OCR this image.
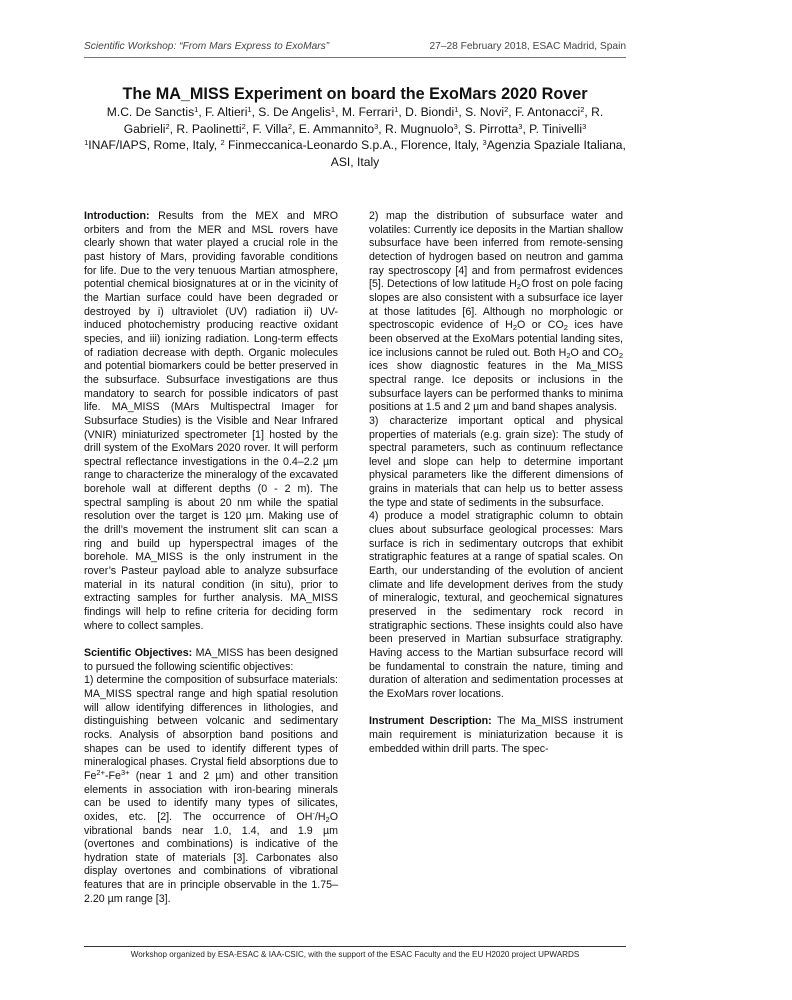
Scientific Workshop: “From Mars Express to ExoMars”	27–28 February 2018, ESAC Madrid, Spain
The MA_MISS Experiment on board the ExoMars 2020 Rover

M.C. De Sanctis$^1$, F. Altieri$^1$, S. De Angelis$^1$, M. Ferrari$^1$, D. Biondi$^1$, S. Novi$^2$, F. Antonacci$^2$, R. Gabrieli$^2$, R. Paolinetti$^2$, F. Villa$^2$, E. Ammannito$^3$, R. Mugnuolo$^3$, S. Pirrotta$^3$, P. Tinivelli$^3$

$^1$INAF/IAPS, Rome, Italy, $^2$ Finmeccanica-Leonardo S.p.A., Florence, Italy, $^3$Agenzia Spaziale Italiana, ASI, Italy

Introduction: Results from the MEX and MRO orbiters and from the MER and MSL rovers have clearly shown that water played a crucial role in the past history of Mars, providing favorable conditions for life. Due to the very tenuous Martian atmosphere, potential chemical biosignatures at or in the vicinity of the Martian surface could have been degraded or destroyed by i) ultraviolet (UV) radiation ii) UV-induced photochemistry producing reactive oxidant species, and iii) ionizing radiation. Long-term effects of radiation decrease with depth. Organic molecules and potential biomarkers could be better preserved in the subsurface. Subsurface investigations are thus mandatory to search for possible indicators of past life. MA_MISS (MArs Multispectral Imager for Subsurface Studies) is the Visible and Near Infrared (VNIR) miniaturized spectrometer [1] hosted by the drill system of the ExoMars 2020 rover. It will perform spectral reflectance investigations in the 0.4–2.2 µm range to characterize the mineralogy of the excavated borehole wall at different depths (0 - 2 m). The spectral sampling is about 20 nm while the spatial resolution over the target is 120 µm. Making use of the drill’s movement the instrument slit can scan a ring and build up hyperspectral images of the borehole. MA_MISS is the only instrument in the rover’s Pasteur payload able to analyze subsurface material in its natural condition (in situ), prior to extracting samples for further analysis. MA_MISS findings will help to refine criteria for deciding form where to collect samples.

Scientific Objectives: MA_MISS has been designed to pursued the following scientific objectives:

1) determine the composition of subsurface materials: MA_MISS spectral range and high spatial resolution will allow identifying differences in lithologies, and distinguishing between volcanic and sedimentary rocks. Analysis of absorption band positions and shapes can be used to identify different types of mineralogical phases. Crystal field absorptions due to $Fe^{2+}-Fe^{3+}$ (near 1 and 2 µm) and other transition elements in association with iron-bearing minerals can be used to identify many types of silicates, oxides, etc. [2]. The occurrence of $OH^-/H_2O$ vibrational bands near 1.0, 1.4, and 1.9 µm (overtones and combinations) is indicative of the hydration state of materials [3]. Carbonates also display overtones and combinations of vibrational features that are in principle observable in the 1.75–2.20 µm range [3].

2) map the distribution of subsurface water and volatiles: Currently ice deposits in the Martian shallow subsurface have been inferred from remote-sensing detection of hydrogen based on neutron and gamma ray spectroscopy [4] and from permafrost evidences [5]. Detections of low latitude $H_2O$ frost on pole facing slopes are also consistent with a subsurface ice layer at those latitudes [6]. Although no morphologic or spectroscopic evidence of $H_2O$ or $CO_2$ ices have been observed at the ExoMars potential landing sites, ice inclusions cannot be ruled out. Both $H_2O$ and $CO_2$ ices show diagnostic features in the Ma_MISS spectral range. Ice deposits or inclusions in the subsurface layers can be performed thanks to minima positions at 1.5 and 2 µm and band shapes analysis.

3) characterize important optical and physical properties of materials (e.g. grain size): The study of spectral parameters, such as continuum reflectance level and slope can help to determine important physical parameters like the different dimensions of grains in materials that can help us to better assess the type and state of sediments in the subsurface.

4) produce a model stratigraphic column to obtain clues about subsurface geological processes: Mars surface is rich in sedimentary outcrops that exhibit stratigraphic features at a range of spatial scales. On Earth, our understanding of the evolution of ancient climate and life development derives from the study of mineralogic, textural, and geochemical signatures preserved in the sedimentary rock record in stratigraphic sections. These insights could also have been preserved in Martian subsurface stratigraphy. Having access to the Martian subsurface record will be fundamental to constrain the nature, timing and duration of alteration and sedimentation processes at the ExoMars rover locations.

Instrument Description: The Ma_MISS instrument main requirement is miniaturization because it is embedded within drill parts. The spec-

Workshop organized by ESA-ESAC & IAA-CSIC, with the support of the ESAC Faculty and the EU H2020 project UPWARDS
